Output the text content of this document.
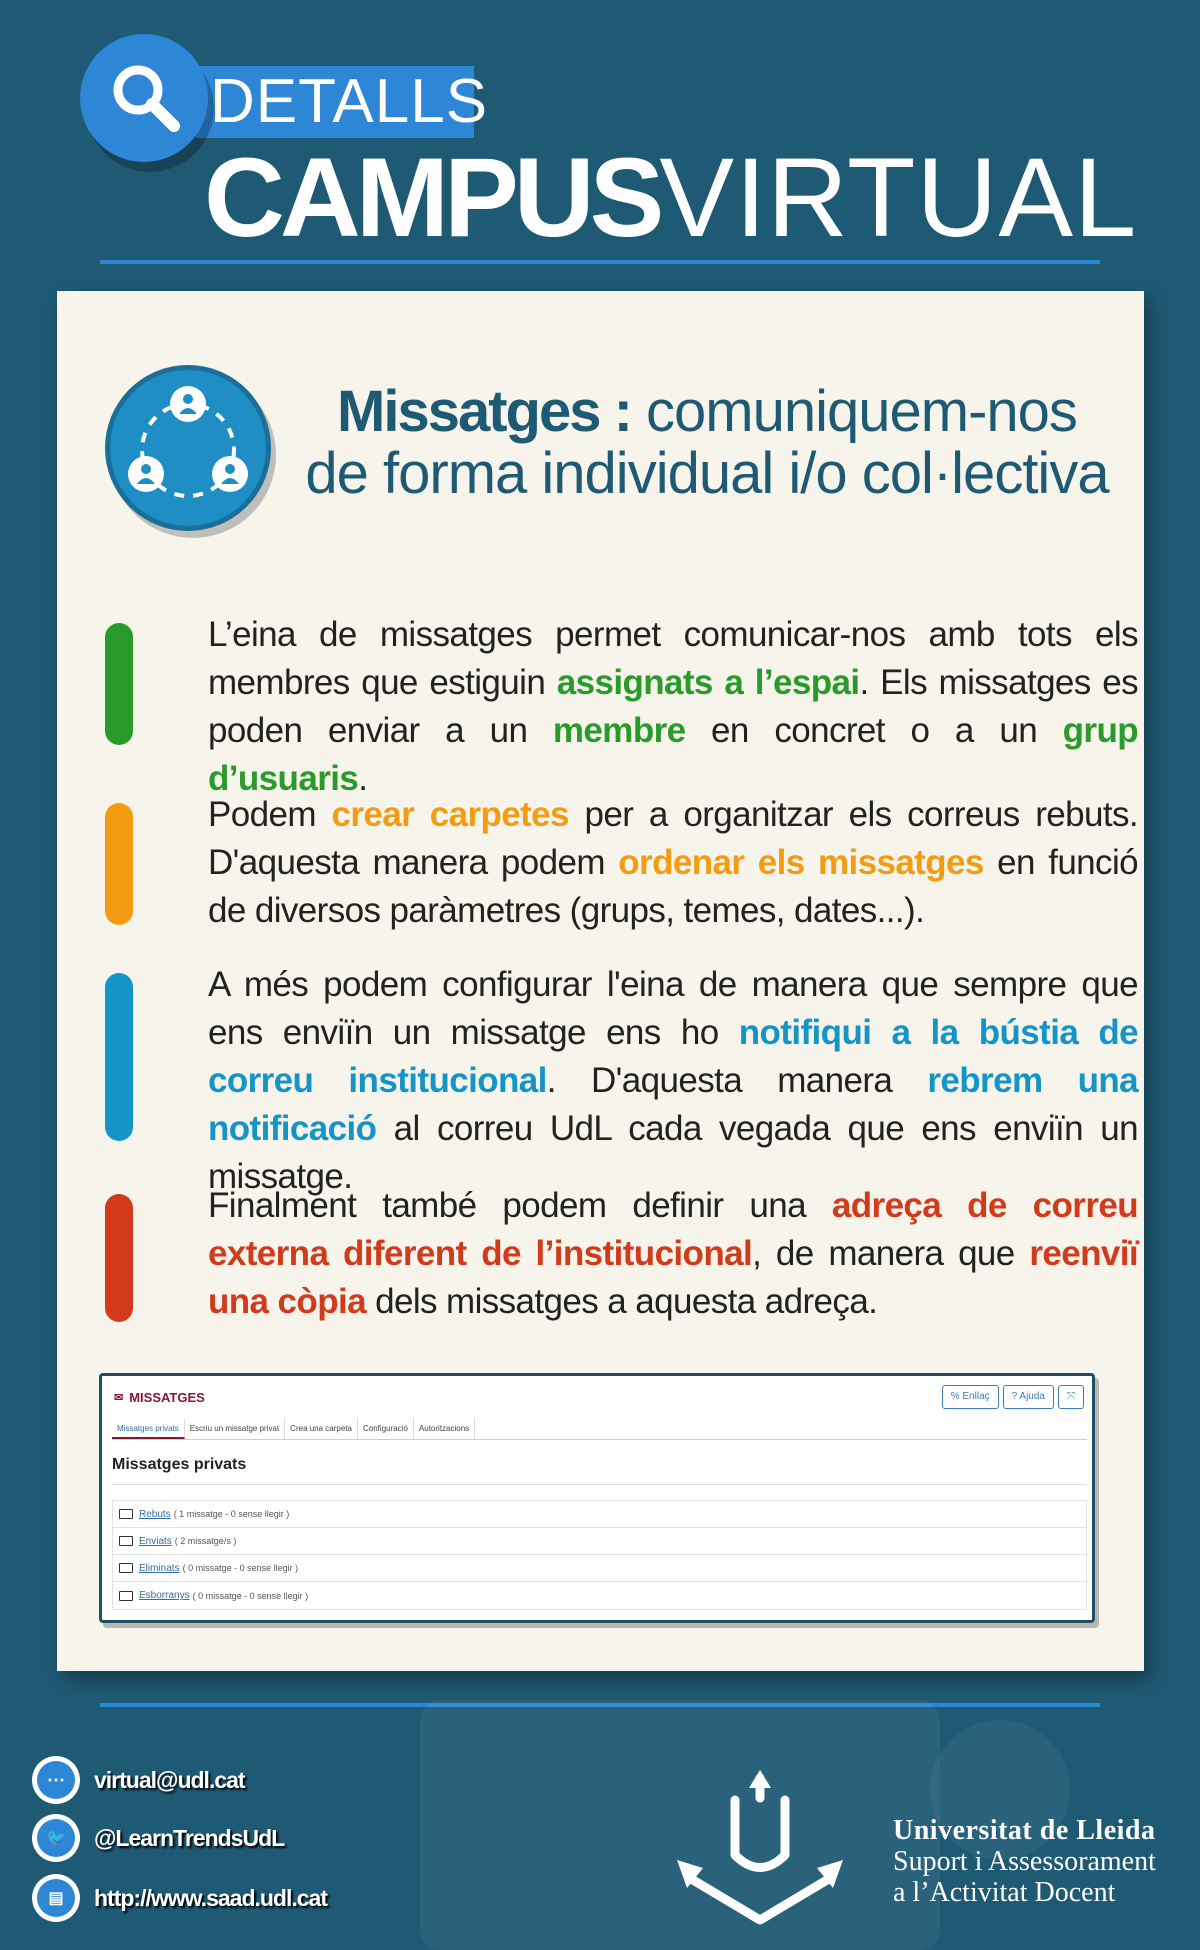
DETALLS
CAMPUSVIRTUAL
Missatges : comuniquem-nos
de forma individual i/o col·lectiva
L’eina de missatges permet comunicar-nos amb tots els membres que estiguin assignats a l’espai. Els missatges es poden enviar a un membre en concret o a un grup d’usuaris.
Podem crear carpetes per a organitzar els correus rebuts. D'aquesta manera podem ordenar els missatges en funció de diversos paràmetres (grups, temes, dates...).
A més podem configurar l'eina de manera que sempre que ens enviïn un missatge ens ho notifiqui a la bústia de correu institucional. D'aquesta manera rebrem una notificació al correu UdL cada vegada que ens enviïn un missatge.
Finalment també podem definir una adreça de correu externa diferent de l’institucional, de manera que reenviï una còpia dels missatges a aquesta adreça.
✉ MISSATGES	% Enllaç	? Ajuda	⤧
Missatges privats	Escriu un missatge privat	Crea una carpeta	Configuració	Autoritzacions
Missatges privats
Rebuts ( 1 missatge - 0 sense llegir )
Enviats ( 2 missatge/s )
Eliminats ( 0 missatge - 0 sense llegir )
Esborranys ( 0 missatge - 0 sense llegir )
⋯	virtual@udl.cat
🐦	@LearnTrendsUdL
▤	http://www.saad.udl.cat
Universitat de Lleida
Suport i Assessorament
a l’Activitat Docent
